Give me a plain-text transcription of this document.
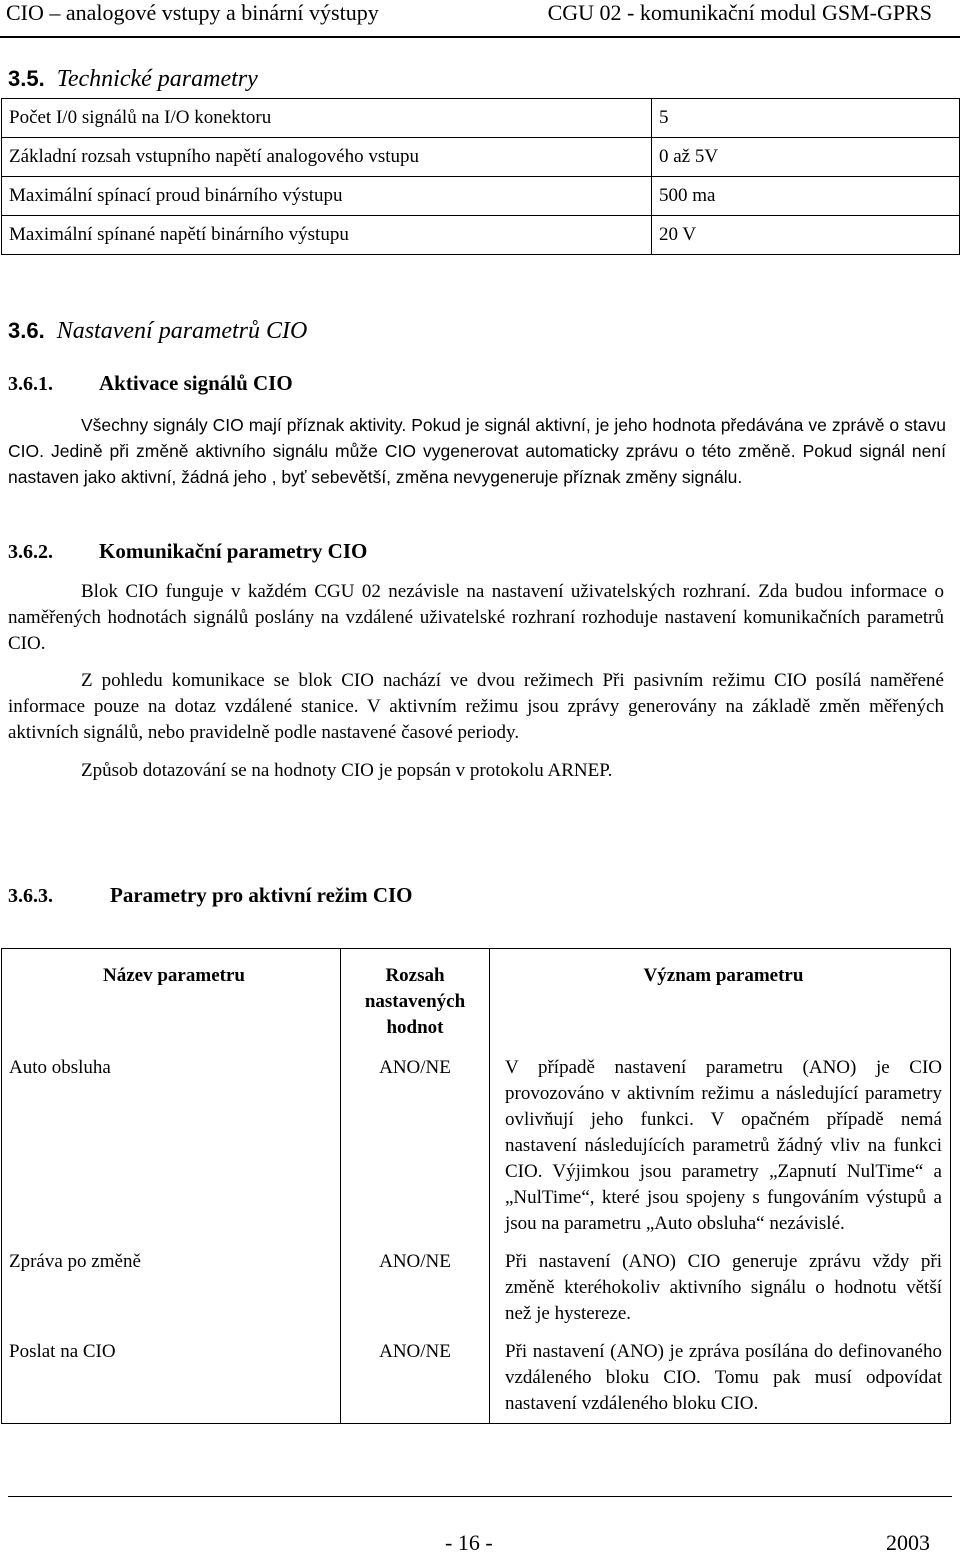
CIO – analogové vstupy a binární výstupy	CGU 02 - komunikační modul GSM-GPRS
3.5. Technické parametry
Počet I/0 signálů na I/O konektoru	5
Základní rozsah vstupního napětí analogového vstupu	0 až 5V
Maximální spínací proud binárního výstupu	500 ma
Maximální spínané napětí binárního výstupu	20 V
3.6. Nastavení parametrů CIO
3.6.1. Aktivace signálů CIO
Všechny signály CIO mají příznak aktivity. Pokud je signál aktivní, je jeho hodnota předávána ve zprávě o stavu CIO. Jedině při změně aktivního signálu může CIO vygenerovat automaticky zprávu o této změně. Pokud signál není nastaven jako aktivní, žádná jeho , byť sebevětší, změna nevygeneruje příznak změny signálu.
3.6.2. Komunikační parametry CIO
Blok CIO funguje v každém CGU 02 nezávisle na nastavení uživatelských rozhraní. Zda budou informace o naměřených hodnotách signálů poslány na vzdálené uživatelské rozhraní rozhoduje nastavení komunikačních parametrů CIO.
Z pohledu komunikace se blok CIO nachází ve dvou režimech Při pasivním režimu CIO posílá naměřené informace pouze na dotaz vzdálené stanice. V aktivním režimu jsou zprávy generovány na základě změn měřených aktivních signálů, nebo pravidelně podle nastavené časové periody.
Způsob dotazování se na hodnoty CIO je popsán v protokolu ARNEP.
3.6.3.	Parametry pro aktivní režim CIO
Název parametru	Rozsah nastavených hodnot	Význam parametru
Auto obsluha	ANO/NE	V případě nastavení parametru (ANO) je CIO provozováno v aktivním režimu a následující parametry ovlivňují jeho funkci. V opačném případě nemá nastavení následujících parametrů žádný vliv na funkci CIO. Výjimkou jsou parametry „Zapnutí NulTime“ a „NulTime“, které jsou spojeny s fungováním výstupů a jsou na parametru „Auto obsluha“ nezávislé.
Zpráva po změně	ANO/NE	Při nastavení (ANO) CIO generuje zprávu vždy při změně kteréhokoliv aktivního signálu o hodnotu větší než je hystereze.
Poslat na CIO	ANO/NE	Při nastavení (ANO) je zpráva posílána do definovaného vzdáleného bloku CIO. Tomu pak musí odpovídat nastavení vzdáleného bloku CIO.
- 16 -	2003
